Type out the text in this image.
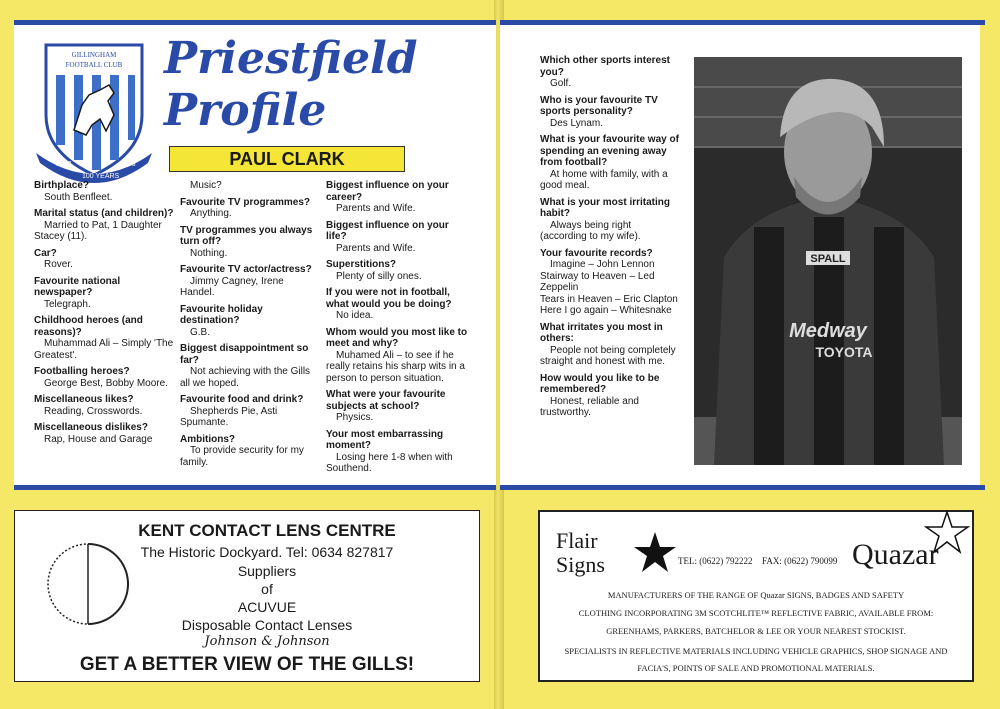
GILLINGHAM
FOOTBALL CLUB
1893
100 YEARS
1993
Priestfield
Profile
PAUL CLARK
Birthplace?
South Benfleet.
Marital status (and children)?
Married to Pat, 1 Daughter Stacey (11).
Car?
Rover.
Favourite national newspaper?
Telegraph.
Childhood heroes (and reasons)?
Muhammad Ali – Simply 'The Greatest'.
Footballing heroes?
George Best, Bobby Moore.
Miscellaneous likes?
Reading, Crosswords.
Miscellaneous dislikes?
Rap, House and Garage
Music?
Favourite TV programmes?
Anything.
TV programmes you always turn off?
Nothing.
Favourite TV actor/actress?
Jimmy Cagney, Irene Handel.
Favourite holiday destination?
G.B.
Biggest disappointment so far?
Not achieving with the Gills all we hoped.
Favourite food and drink?
Shepherds Pie, Asti Spumante.
Ambitions?
To provide security for my family.
Biggest influence on your career?
Parents and Wife.
Biggest influence on your life?
Parents and Wife.
Superstitions?
Plenty of silly ones.
If you were not in football, what would you be doing?
No idea.
Whom would you most like to meet and why?
Muhamed Ali – to see if he really retains his sharp wits in a person to person situation.
What were your favourite subjects at school?
Physics.
Your most embarrassing moment?
Losing here 1-8 when with Southend.
Which other sports interest you?
Golf.
Who is your favourite TV sports personality?
Des Lynam.
What is your favourite way of spending an evening away from football?
At home with family, with a good meal.
What is your most irritating habit?
Always being right (according to my wife).
Your favourite records?
Imagine – John Lennon
Stairway to Heaven – Led Zeppelin
Tears in Heaven – Eric Clapton
Here I go again – Whitesnake
What irritates you most in others:
People not being completely straight and honest with me.
How would you like to be remembered?
Honest, reliable and trustworthy.
SPALL
Medway
TOYOTA
KENT CONTACT LENS CENTRE
The Historic Dockyard. Tel: 0634 827817
Suppliers
of
ACUVUE
Disposable Contact Lenses
Johnson & Johnson
GET A BETTER VIEW OF THE GILLS!
Flair
Signs	TEL: (0622) 792222 FAX: (0622) 790099 Quazar
MANUFACTURERS OF THE RANGE OF Quazar SIGNS, BADGES AND SAFETY
CLOTHING INCORPORATING 3M SCOTCHLITE™ REFLECTIVE FABRIC, AVAILABLE FROM:
GREENHAMS, PARKERS, BATCHELOR & LEE OR YOUR NEAREST STOCKIST.
SPECIALISTS IN REFLECTIVE MATERIALS INCLUDING VEHICLE GRAPHICS, SHOP SIGNAGE AND
FACIA'S, POINTS OF SALE AND PROMOTIONAL MATERIALS.
